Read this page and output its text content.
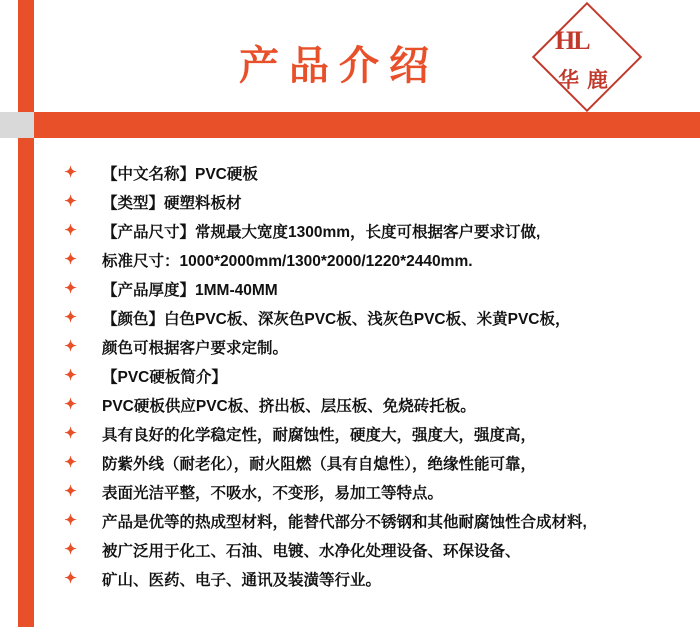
产品介绍
HL
华鹿
✦ 【中文名称】PVC硬板
✦ 【类型】硬塑料板材
✦ 【产品尺寸】常规最大宽度1300mm，长度可根据客户要求订做,
✦ 标准尺寸：1000*2000mm/1300*2000/1220*2440mm.
✦ 【产品厚度】1MM-40MM
✦ 【颜色】白色PVC板、深灰色PVC板、浅灰色PVC板、米黄PVC板，
✦ 颜色可根据客户要求定制。
✦ 【PVC硬板简介】
✦ PVC硬板供应PVC板、挤出板、层压板、免烧砖托板。
✦ 具有良好的化学稳定性，耐腐蚀性，硬度大，强度大，强度高，
✦ 防紫外线（耐老化），耐火阻燃（具有自熄性），绝缘性能可靠，
✦ 表面光洁平整，不吸水，不变形，易加工等特点。
✦ 产品是优等的热成型材料，能替代部分不锈钢和其他耐腐蚀性合成材料,
✦ 被广泛用于化工、石油、电镀、水净化处理设备、环保设备、
✦ 矿山、医药、电子、通讯及装潢等行业。
